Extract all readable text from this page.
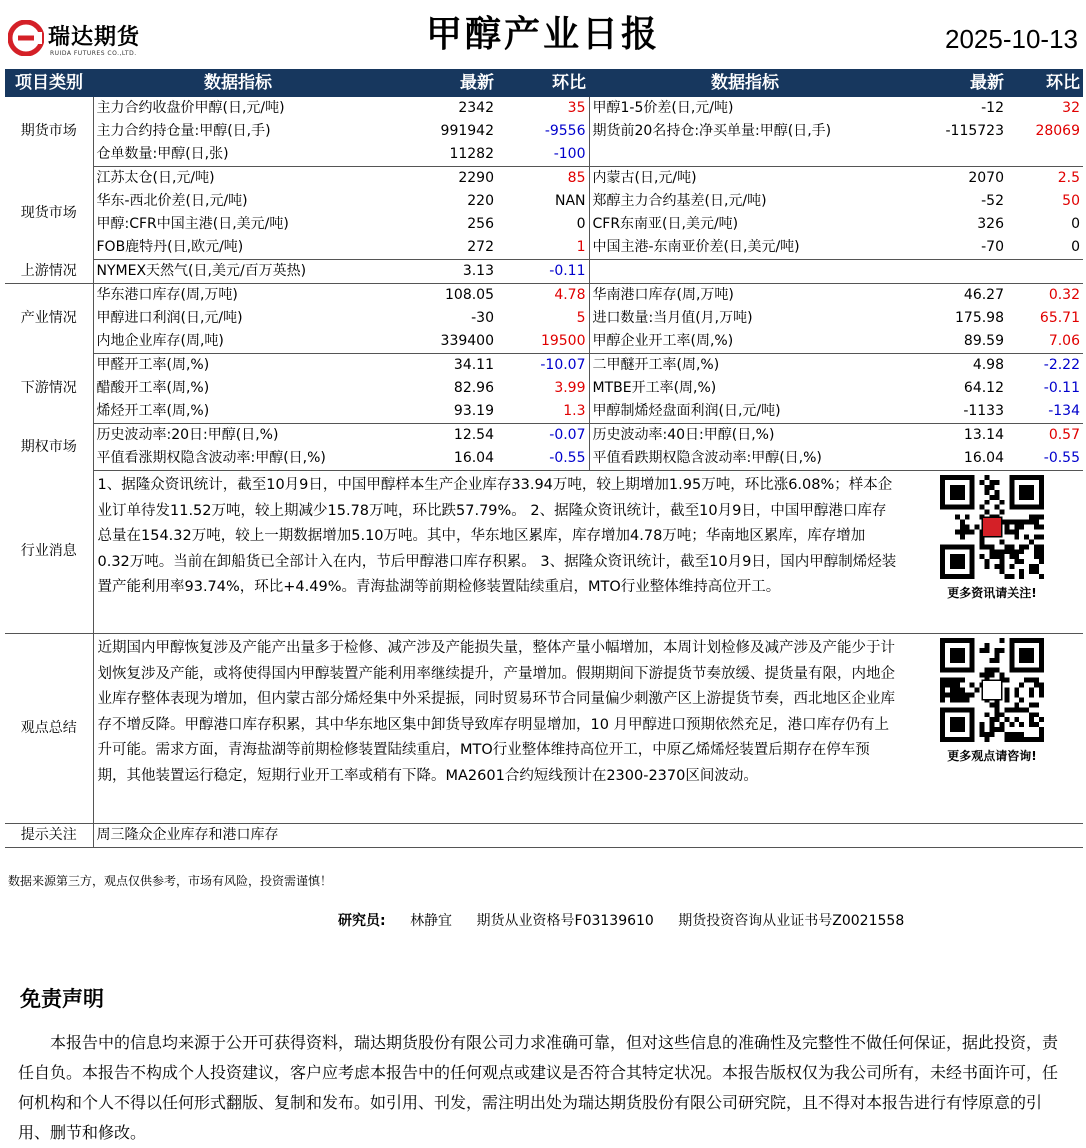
瑞达期货
RUIDA FUTURES CO.,LTD.	甲醇产业日报	2025-10-13
项目类别	数据指标	最新	环比	数据指标	最新	环比
期货市场	主力合约收盘价甲醇(日,元/吨)	2342	35	甲醇1-5价差(日,元/吨)	-12	32
	主力合约持仓量:甲醇(日,手)	991942	-9556	期货前20名持仓:净买单量:甲醇(日,手)	-115723	28069
	仓单数量:甲醇(日,张)	11282	-100			
现货市场	江苏太仓(日,元/吨)	2290	85	内蒙古(日,元/吨)	2070	2.5
	华东-西北价差(日,元/吨)	220	NAN	郑醇主力合约基差(日,元/吨)	-52	50
	甲醇:CFR中国主港(日,美元/吨)	256	0	CFR东南亚(日,美元/吨)	326	0
	FOB鹿特丹(日,欧元/吨)	272	1	中国主港-东南亚价差(日,美元/吨)	-70	0
上游情况	NYMEX天然气(日,美元/百万英热)	3.13	-0.11			
产业情况	华东港口库存(周,万吨)	108.05	4.78	华南港口库存(周,万吨)	46.27	0.32
	甲醇进口利润(日,元/吨)	-30	5	进口数量:当月值(月,万吨)	175.98	65.71
	内地企业库存(周,吨)	339400	19500	甲醇企业开工率(周,%)	89.59	7.06
下游情况	甲醛开工率(周,%)	34.11	-10.07	二甲醚开工率(周,%)	4.98	-2.22
	醋酸开工率(周,%)	82.96	3.99	MTBE开工率(周,%)	64.12	-0.11
	烯烃开工率(周,%)	93.19	1.3	甲醇制烯烃盘面利润(日,元/吨)	-1133	-134
期权市场	历史波动率:20日:甲醇(日,%)	12.54	-0.07	历史波动率:40日:甲醇(日,%)	13.14	0.57
	平值看涨期权隐含波动率:甲醇(日,%)	16.04	-0.55	平值看跌期权隐含波动率:甲醇(日,%)	16.04	-0.55
行业消息	1、据隆众资讯统计，截至10月9日，中国甲醇样本生产企业库存33.94万吨，较上期增加1.95万吨，环比涨6.08%；样本企业订单待发11.52万吨，较上期减少15.78万吨，环比跌57.79%。 2、据隆众资讯统计，截至10月9日，中国甲醇港口库存总量在154.32万吨，较上一期数据增加5.10万吨。其中，华东地区累库，库存增加4.78万吨；华南地区累库，库存增加0.32万吨。当前在卸船货已全部计入在内，节后甲醇港口库存积累。 3、据隆众资讯统计，截至10月9日，国内甲醇制烯烃装置产能利用率93.74%，环比+4.49%。青海盐湖等前期检修装置陆续重启，MTO行业整体维持高位开工。				更多资讯请关注!	

观点总结	近期国内甲醇恢复涉及产能产出量多于检修、减产涉及产能损失量，整体产量小幅增加，本周计划检修及减产涉及产能少于计划恢复涉及产能，或将使得国内甲醇装置产能利用率继续提升，产量增加。假期期间下游提货节奏放缓、提货量有限，内地企业库存整体表现为增加，但内蒙古部分烯烃集中外采提振，同时贸易环节合同量偏少刺激产区上游提货节奏，西北地区企业库存不增反降。甲醇港口库存积累，其中华东地区集中卸货导致库存明显增加，10 月甲醇进口预期依然充足，港口库存仍有上升可能。需求方面，青海盐湖等前期检修装置陆续重启，MTO行业整体维持高位开工，中原乙烯烯烃装置后期存在停车预期，其他装置运行稳定，短期行业开工率或稍有下降。MA2601合约短线预计在2300-2370区间波动。				更多观点请咨询!	

提示关注	周三隆众企业库存和港口库存					
数据来源第三方，观点仅供参考，市场有风险，投资需谨慎！
研究员: 林静宜 期货从业资格号F03139610 期货投资咨询从业证书号Z0021558
免责声明
本报告中的信息均来源于公开可获得资料，瑞达期货股份有限公司力求准确可靠，但对这些信息的准确性及完整性不做任何保证，据此投资，责任自负。本报告不构成个人投资建议，客户应考虑本报告中的任何观点或建议是否符合其特定状况。本报告版权仅为我公司所有，未经书面许可，任何机构和个人不得以任何形式翻版、复制和发布。如引用、刊发，需注明出处为瑞达期货股份有限公司研究院，且不得对本报告进行有悖原意的引用、删节和修改。
